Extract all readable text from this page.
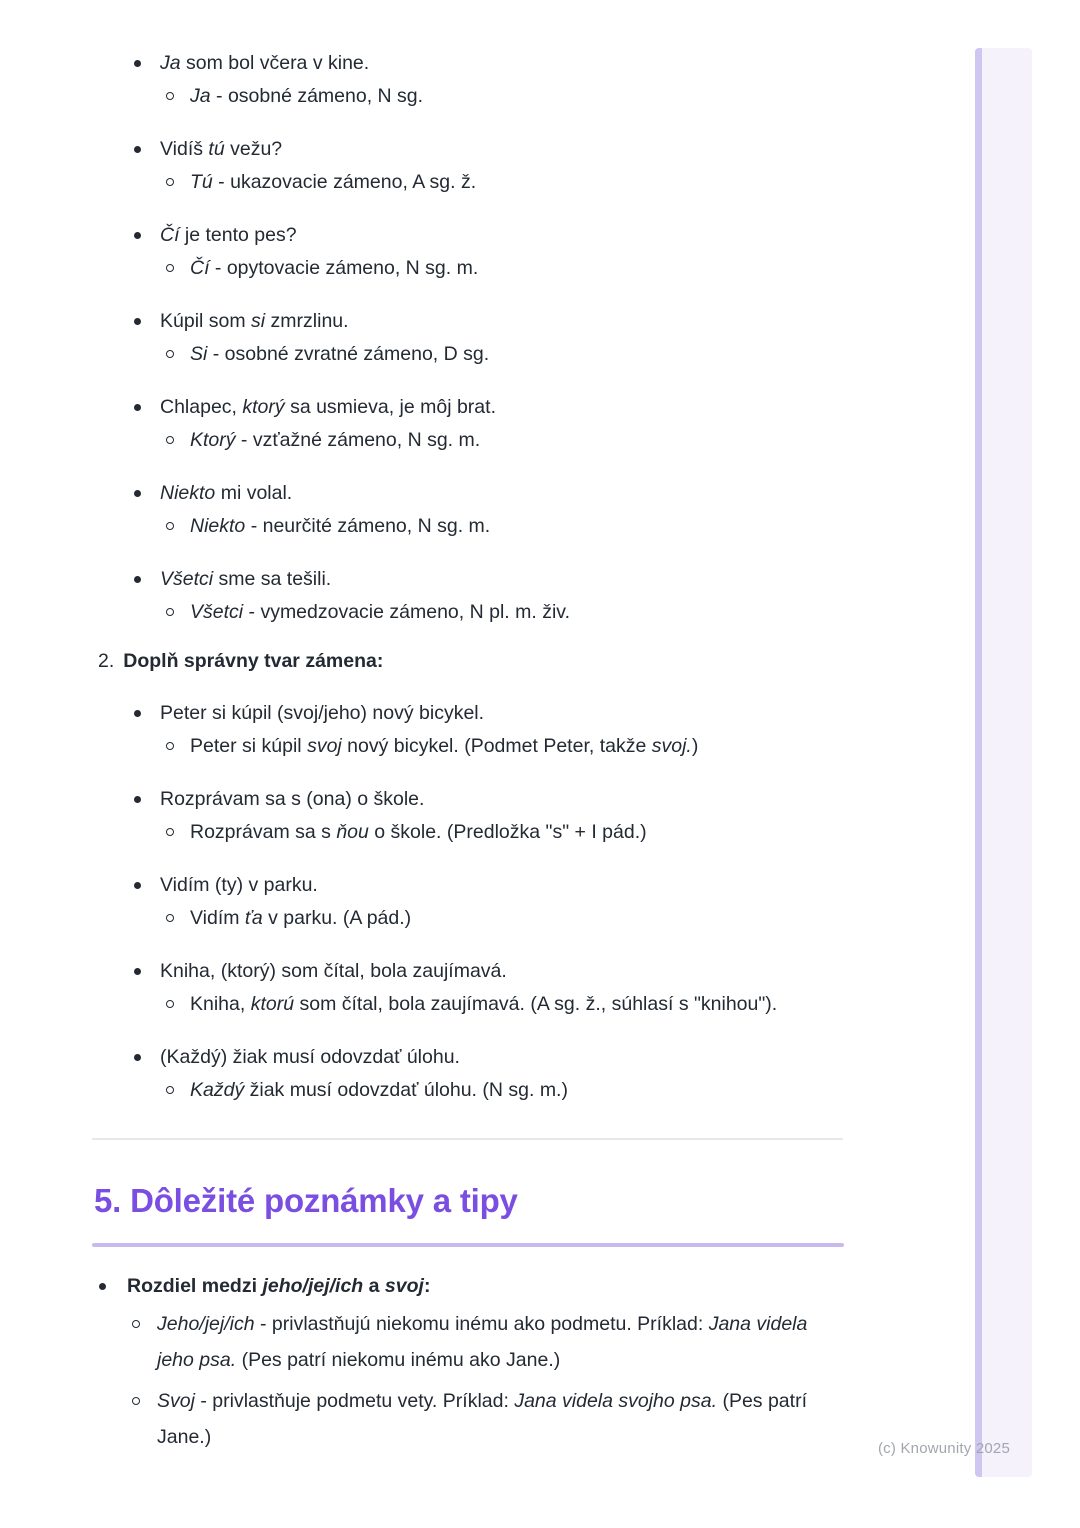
Ja som bol včera v kine.
Ja - osobné zámeno, N sg.
Vidíš tú vežu?
Tú - ukazovacie zámeno, A sg. ž.
Čí je tento pes?
Čí - opytovacie zámeno, N sg. m.
Kúpil som si zmrzlinu.
Si - osobné zvratné zámeno, D sg.
Chlapec, ktorý sa usmieva, je môj brat.
Ktorý - vzťažné zámeno, N sg. m.
Niekto mi volal.
Niekto - neurčité zámeno, N sg. m.
Všetci sme sa tešili.
Všetci - vymedzovacie zámeno, N pl. m. živ.
2. Doplň správny tvar zámena:
Peter si kúpil (svoj/jeho) nový bicykel.
Peter si kúpil svoj nový bicykel. (Podmet Peter, takže svoj.)
Rozprávam sa s (ona) o škole.
Rozprávam sa s ňou o škole. (Predložka "s" + I pád.)
Vidím (ty) v parku.
Vidím ťa v parku. (A pád.)
Kniha, (ktorý) som čítal, bola zaujímavá.
Kniha, ktorú som čítal, bola zaujímavá. (A sg. ž., súhlasí s "knihou").
(Každý) žiak musí odovzdať úlohu.
Každý žiak musí odovzdať úlohu. (N sg. m.)
5. Dôležité poznámky a tipy
Rozdiel medzi jeho/jej/ich a svoj:
Jeho/jej/ich - privlastňujú niekomu inému ako podmetu. Príklad: Jana videla jeho psa. (Pes patrí niekomu inému ako Jane.)
Svoj - privlastňuje podmetu vety. Príklad: Jana videla svojho psa. (Pes patrí Jane.)
(c) Knowunity 2025
